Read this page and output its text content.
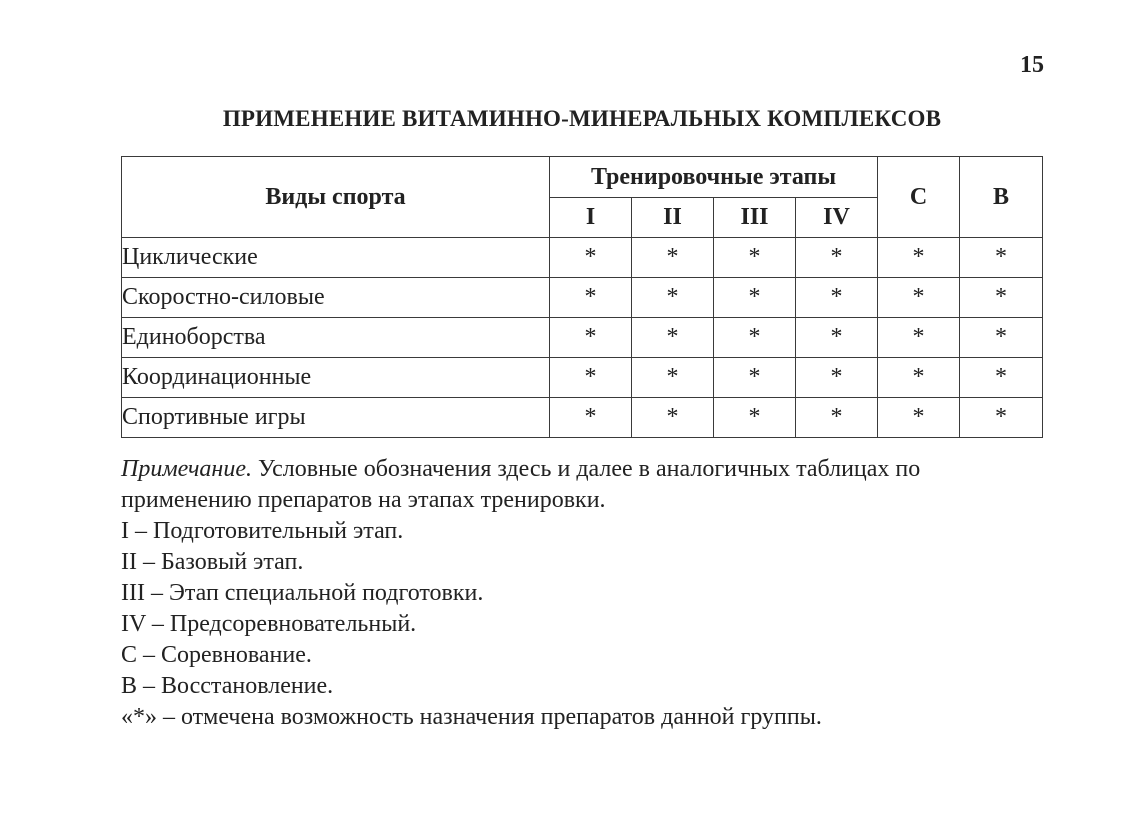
15
ПРИМЕНЕНИЕ ВИТАМИННО-МИНЕРАЛЬНЫХ КОМПЛЕКСОВ
Виды спорта	Тренировочные этапы				С	В
	I	II	III	IV		
Циклические	*	*	*	*	*	*
Скоростно-силовые	*	*	*	*	*	*
Единоборства	*	*	*	*	*	*
Координационные	*	*	*	*	*	*
Спортивные игры	*	*	*	*	*	*

Примечание. Условные обозначения здесь и далее в аналогичных таблицах по применению препаратов на этапах тренировки.

I – Подготовительный этап.

II – Базовый этап.

III – Этап специальной подготовки.

IV – Предсоревновательный.

С – Соревнование.

В – Восстановление.

«*» – отмечена возможность назначения препаратов данной группы.
